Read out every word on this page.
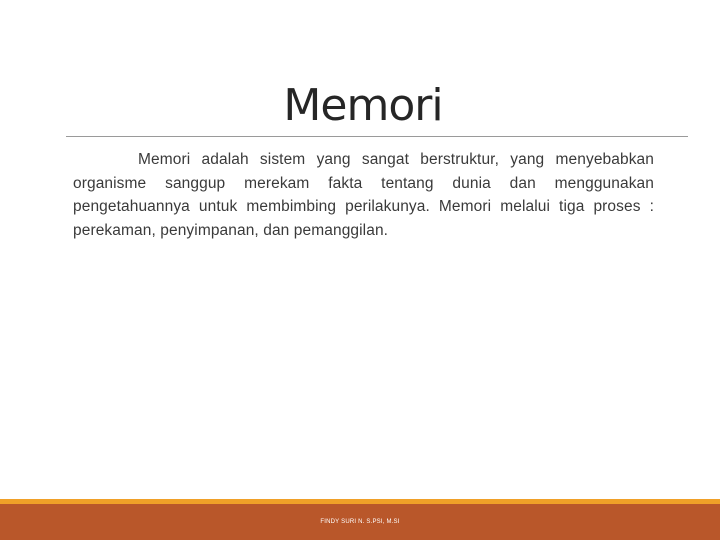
Memori
Memori adalah sistem yang sangat berstruktur, yang menyebabkan organisme sanggup merekam fakta tentang dunia dan menggunakan pengetahuannya untuk membimbing perilakunya. Memori melalui tiga proses : perekaman, penyimpanan, dan pemanggilan.
FINDY SURI N. S.PSI, M.SI
